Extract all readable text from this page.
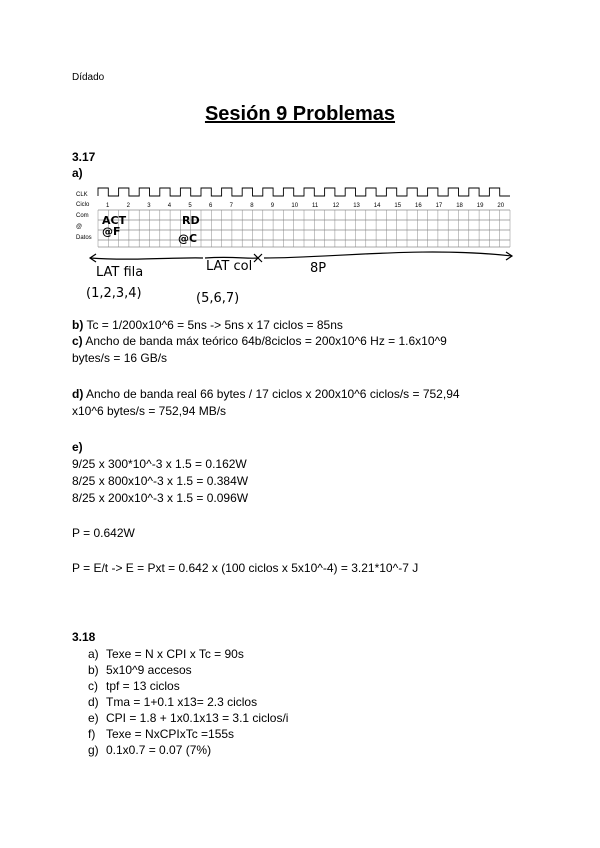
Dídado
Sesión 9 Problemas
3.17
a)
CLK
Ciclo
Com
@
Datos
1	2	3	4	5	6	7	8	9	10 11 12 13 14 15 16 17 18 19 20
ACT	RD
@F
@C
LAT fila
(1,2,3,4)
LAT col
(5,6,7)
8P
b) Tc = 1/200x10^6 = 5ns -> 5ns x 17 ciclos = 85ns
c) Ancho de banda máx teórico 64b/8ciclos = 200x10^6 Hz = 1.6x10^9
bytes/s = 16 GB/s
d) Ancho de banda real 66 bytes / 17 ciclos x 200x10^6 ciclos/s = 752,94
x10^6 bytes/s = 752,94 MB/s
e)
9/25 x 300*10^-3 x 1.5 = 0.162W
8/25 x 800x10^-3 x 1.5 = 0.384W
8/25 x 200x10^-3 x 1.5 = 0.096W
P = 0.642W
P = E/t -> E = Pxt = 0.642 x (100 ciclos x 5x10^-4) = 3.21*10^-7 J
3.18
a) Texe = N x CPI x Tc = 90s
b) 5x10^9 accesos
c) tpf = 13 ciclos
d) Tma = 1+0.1 x13= 2.3 ciclos
e) CPI = 1.8 + 1x0.1x13 = 3.1 ciclos/i
f) Texe = NxCPIxTc =155s
g) 0.1x0.7 = 0.07 (7%)
